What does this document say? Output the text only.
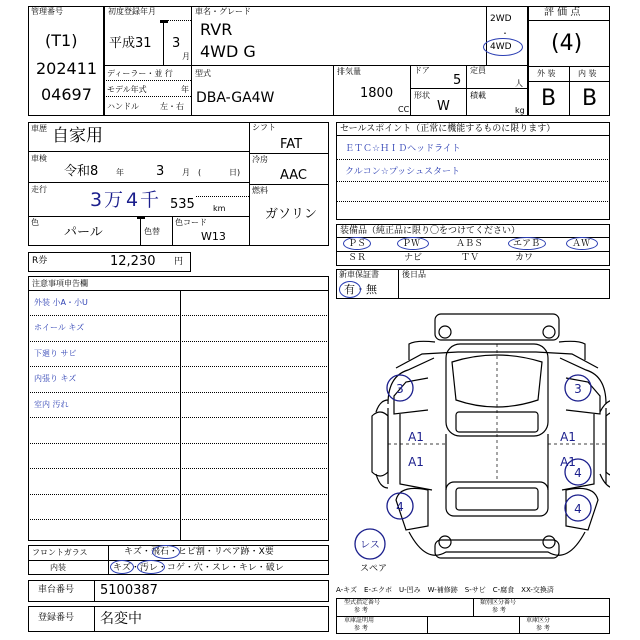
管理番号
(T1)
202411
04697
初度登録年月
平成31 3
月
車名・グレード
RVR
4WD G
2WD
・
4WD
ディーラー・並 行
モデル年式	年
ハンドル	左・右
型式
DBA-GA4W
排気量
1800
CC
ドア
5
定員
人
形状
W
積載
kg
評 価 点
(4)
外 装	内 装
B B
車歴 自家用
車検
令和8 年 3 月 (	日)
走行 3 万 4 千 535 km
色
パール	色替
色コード
W13
シフト
FAT
冷房
AAC
燃料
ガソリン
セールスポイント（正常に機能するものに限ります）
ＥＴＣ☆ＨＩＤヘッドライト
クルコン☆プッシュスタート
装備品（純正品に限り〇をつけてください）
ＰＳ	ＰＷ	ＡＢＳ	エアＢ	ＡＷ
ＳＲ	ナビ	ＴＶ	カワ
新車保証書
有・無
後日品
R券	12,230 円
注意事項申告欄
外装 小A・小U
ホイール キズ
下廻り サビ
内張り キズ
室内 汚れ
3	3
A1	A1
A1	A1
4
4	4
レス
スペア
フロントガラス	キズ・飛石・ヒビ割・リペア跡・X要
内装	キズ・汚レ・コゲ・穴・スレ・キレ・破レ
車台番号 5100387
登録番号 名変中
A-キズ　E-エクボ　U-凹み　W-補修跡　S-サビ　C-腐食　XX-交換済
型式指定番号
参 考
類別区分番号
参 考
車庫証明用
参 考
車庫区分
参 考
